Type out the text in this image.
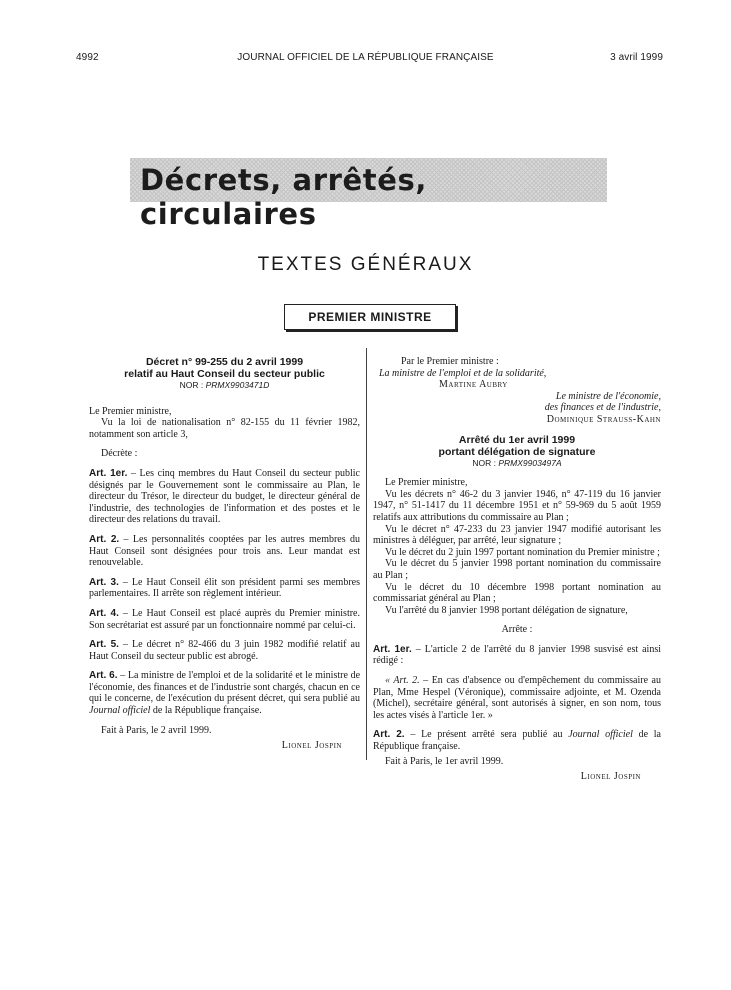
4992	JOURNAL OFFICIEL DE LA RÉPUBLIQUE FRANÇAISE	3 avril 1999
Décrets, arrêtés, circulaires
TEXTES GÉNÉRAUX
PREMIER MINISTRE

Décret n° 99-255 du 2 avril 1999

relatif au Haut Conseil du secteur public

NOR : PRMX9903471D

Le Premier ministre,

Vu la loi de nationalisation n° 82-155 du 11 février 1982, notamment son article 3,

Décrète :

Art. 1er. – Les cinq membres du Haut Conseil du secteur public désignés par le Gouvernement sont le commissaire au Plan, le directeur du Trésor, le directeur du budget, le directeur général de l'industrie, des technologies de l'information et des postes et le directeur des relations du travail.

Art. 2. – Les personnalités cooptées par les autres membres du Haut Conseil sont désignées pour trois ans. Leur mandat est renouvelable.

Art. 3. – Le Haut Conseil élit son président parmi ses membres parlementaires. Il arrête son règlement intérieur.

Art. 4. – Le Haut Conseil est placé auprès du Premier ministre. Son secrétariat est assuré par un fonctionnaire nommé par celui-ci.

Art. 5. – Le décret n° 82-466 du 3 juin 1982 modifié relatif au Haut Conseil du secteur public est abrogé.

Art. 6. – La ministre de l'emploi et de la solidarité et le ministre de l'économie, des finances et de l'industrie sont chargés, chacun en ce qui le concerne, de l'exécution du présent décret, qui sera publié au Journal officiel de la République française.

Fait à Paris, le 2 avril 1999.

Lionel Jospin

Par le Premier ministre :

La ministre de l'emploi et de la solidarité,

Martine Aubry

Le ministre de l'économie,

des finances et de l'industrie,

Dominique Strauss-Kahn

Arrêté du 1er avril 1999

portant délégation de signature

NOR : PRMX9903497A

Le Premier ministre,

Vu les décrets n° 46-2 du 3 janvier 1946, n° 47-119 du 16 janvier 1947, n° 51-1417 du 11 décembre 1951 et n° 59-969 du 5 août 1959 relatifs aux attributions du commissaire au Plan ;

Vu le décret n° 47-233 du 23 janvier 1947 modifié autorisant les ministres à déléguer, par arrêté, leur signature ;

Vu le décret du 2 juin 1997 portant nomination du Premier ministre ;

Vu le décret du 5 janvier 1998 portant nomination du commissaire au Plan ;

Vu le décret du 10 décembre 1998 portant nomination au commissariat général au Plan ;

Vu l'arrêté du 8 janvier 1998 portant délégation de signature,

Arrête :

Art. 1er. – L'article 2 de l'arrêté du 8 janvier 1998 susvisé est ainsi rédigé :

« Art. 2. – En cas d'absence ou d'empêchement du commissaire au Plan, Mme Hespel (Véronique), commissaire adjointe, et M. Ozenda (Michel), secrétaire général, sont autorisés à signer, en son nom, tous les actes visés à l'article 1er. »

Art. 2. – Le présent arrêté sera publié au Journal officiel de la République française.

Fait à Paris, le 1er avril 1999.

Lionel Jospin
